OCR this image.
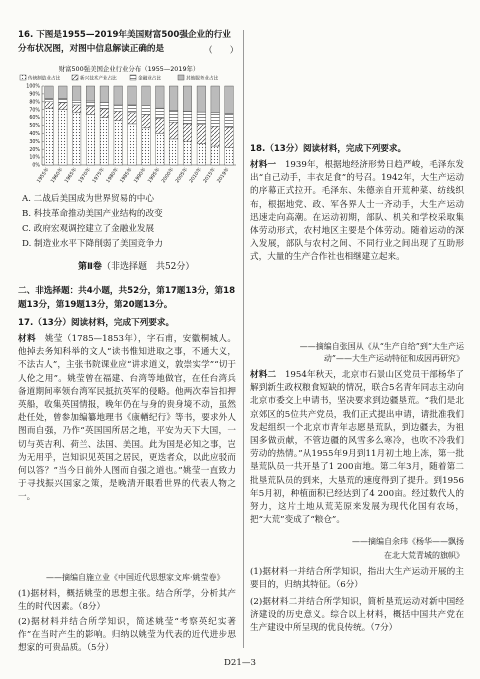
16. 下图是1955—2019年美国财富500强企业的行业
分布状况图，对图中信息解读正确的是	（　　）
财富500强美国企业行业分布（1955—2019年）
传统制造业占比	新兴技术产业占比	金融业占比	其他服务业占比
0%
10%
20%
30%
40%
50%
60%
70%
80%
90%
100%
1955年 1960年 1965年 1970年 1975年 1980年 1985年 1990年 1995年 2000年 2005年 2010年 2015年 2019年
A. 二战后美国成为世界贸易的中心
B. 科技革命推动美国产业结构的改变
C. 政府宏观调控建立了金融业发展
D. 制造业水平下降削弱了美国竞争力
第Ⅱ卷（非选择题　共52分）
二、非选择题：共4小题，共52分，第17题13分，第18
题13分，第19题13分，第20题13分。
17.（13分）阅读材料，完成下列要求。
材料　 姚莹（1785—1853年），字石甫，安徽桐城人。他掉去务知科举的文人“读书惟知进取之事，不通大义，不法古人”，主张书院课业应“讲求道义，敦崇实学”“切于人伦之用”。姚莹曾在福建、台湾等地做官，在任台湾兵备道期间率领台湾军民抵抗英军的侵略。他两次奉旨扣押英船，收集英国情报，晚年仍在与身的贵身境不动，虽然赴任处，曾参加编纂地理书《康輶纪行》等书，要求外人图而自强，乃作“英国国所居之地，平安为天下大国，一切与英吉利、荷兰、法国、美国。此为国是必知之事，岂为无用乎，岂知识见英国之居民，更迭者众，以此应驳而何以答？”当今日前外人图而自强之道也。”姚莹一直致力于寻找振兴国家之策，是晚清开眼看世界的代表人物之一。
——摘编自施立业《中国近代思想家文库·姚莹卷》
(1)据材料，概括姚莹的思想主张。结合所学，分析其产生的时代因素。（8分）
(2)据材料并结合所学知识，简述姚莹“考察英纪实著作”在当时产生的影响。归纳以姚莹为代表的近代进步思想家的可贵品质。（5分）
18.（13分）阅读材料，完成下列要求。
材料一　 1939年，根据地经济形势日趋严峻，毛泽东发出“自己动手，丰衣足食”的号召。1942年，大生产运动的序幕正式拉开。毛泽东、朱德亲自开荒种菜、纺线织布，根据地党、政、军各界人士一齐动手，大生产运动迅速走向高潮。在运动初期，部队、机关和学校采取集体劳动形式，农村地区主要是个体劳动。随着运动的深入发展，部队与农村之间、不同行业之间出现了互助形式，大量的生产合作社也相继建立起来。
——摘编自张国从《从“生产自给”到“大生产运动”——大生产运动特征和成因再研究》
材料二　 1954年秋天，北京市石景山区党员干部杨华了解到新生政权粮食短缺的情况，联合5名青年同志主动向北京市委交上申请书，坚决要求到边疆垦荒。“我们是北京郊区的5位共产党员，我们正式提出申请，请批准我们发起组织一个北京市青年志愿垦荒队，到边疆去，为祖国多做贡献，不管边疆的风雪多么寒冷，也吹不冷我们劳动的热情。”从1955年9月到11月初土地上冻，第一批垦荒队员一共开垦了1 200亩地。第二年3月，随着第二批垦荒队员的到来，大垦荒的速度得到了提升。到1956年5月初，种植面积已经达到了4 200亩。经过数代人的努力，这片土地从荒芜原来发展为现代化国有农场，把“大荒”变成了“粮仓”。
——摘编自余玮《杨华——飘扬
在北大荒青城的旗帜》
(1)据材料一并结合所学知识，指出大生产运动开展的主要目的，归纳其特征。（6分）
(2)据材料二并结合所学知识，简析垦荒运动对新中国经济建设的历史意义。综合以上材料，概括中国共产党在生产建设中所呈现的优良传统。（7分）
D21—3
